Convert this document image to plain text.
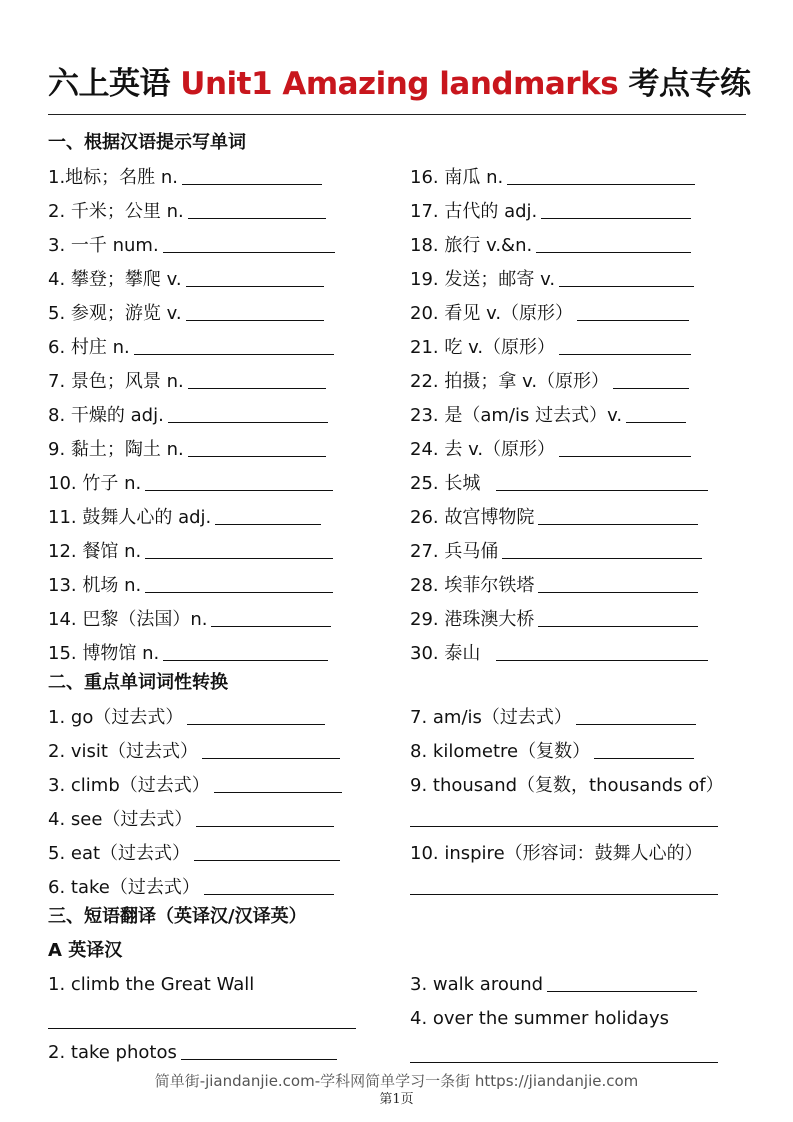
六上英语 Unit1 Amazing landmarks 考点专练
一、根据汉语提示写单词
1.地标；名胜 n.
2. 千米；公里 n.
3. 一千 num.
4. 攀登；攀爬 v.
5. 参观；游览 v.
6. 村庄 n.
7. 景色；风景 n.
8. 干燥的 adj.
9. 黏土；陶土 n.
10. 竹子 n.
11. 鼓舞人心的 adj.
12. 餐馆 n.
13. 机场 n.
14. 巴黎（法国）n.
15. 博物馆 n.
16. 南瓜 n.
17. 古代的 adj.
18. 旅行 v.&n.
19. 发送；邮寄 v.
20. 看见 v.（原形）
21. 吃 v.（原形）
22. 拍摄；拿 v.（原形）
23. 是（am/is 过去式）v.
24. 去 v.（原形）
25. 长城
26. 故宫博物院
27. 兵马俑
28. 埃菲尔铁塔
29. 港珠澳大桥
30. 泰山
二、重点单词词性转换
1. go（过去式）
2. visit（过去式）
3. climb（过去式）
4. see（过去式）
5. eat（过去式）
6. take（过去式）
7. am/is（过去式）
8. kilometre（复数）
9. thousand（复数，thousands of）
10. inspire（形容词：鼓舞人心的）
三、短语翻译（英译汉/汉译英）
A 英译汉
1. climb the Great Wall
2. take photos
3. walk around
4. over the summer holidays
简单街-jiandanjie.com-学科网简单学习一条街 https://jiandanjie.com
第1页
